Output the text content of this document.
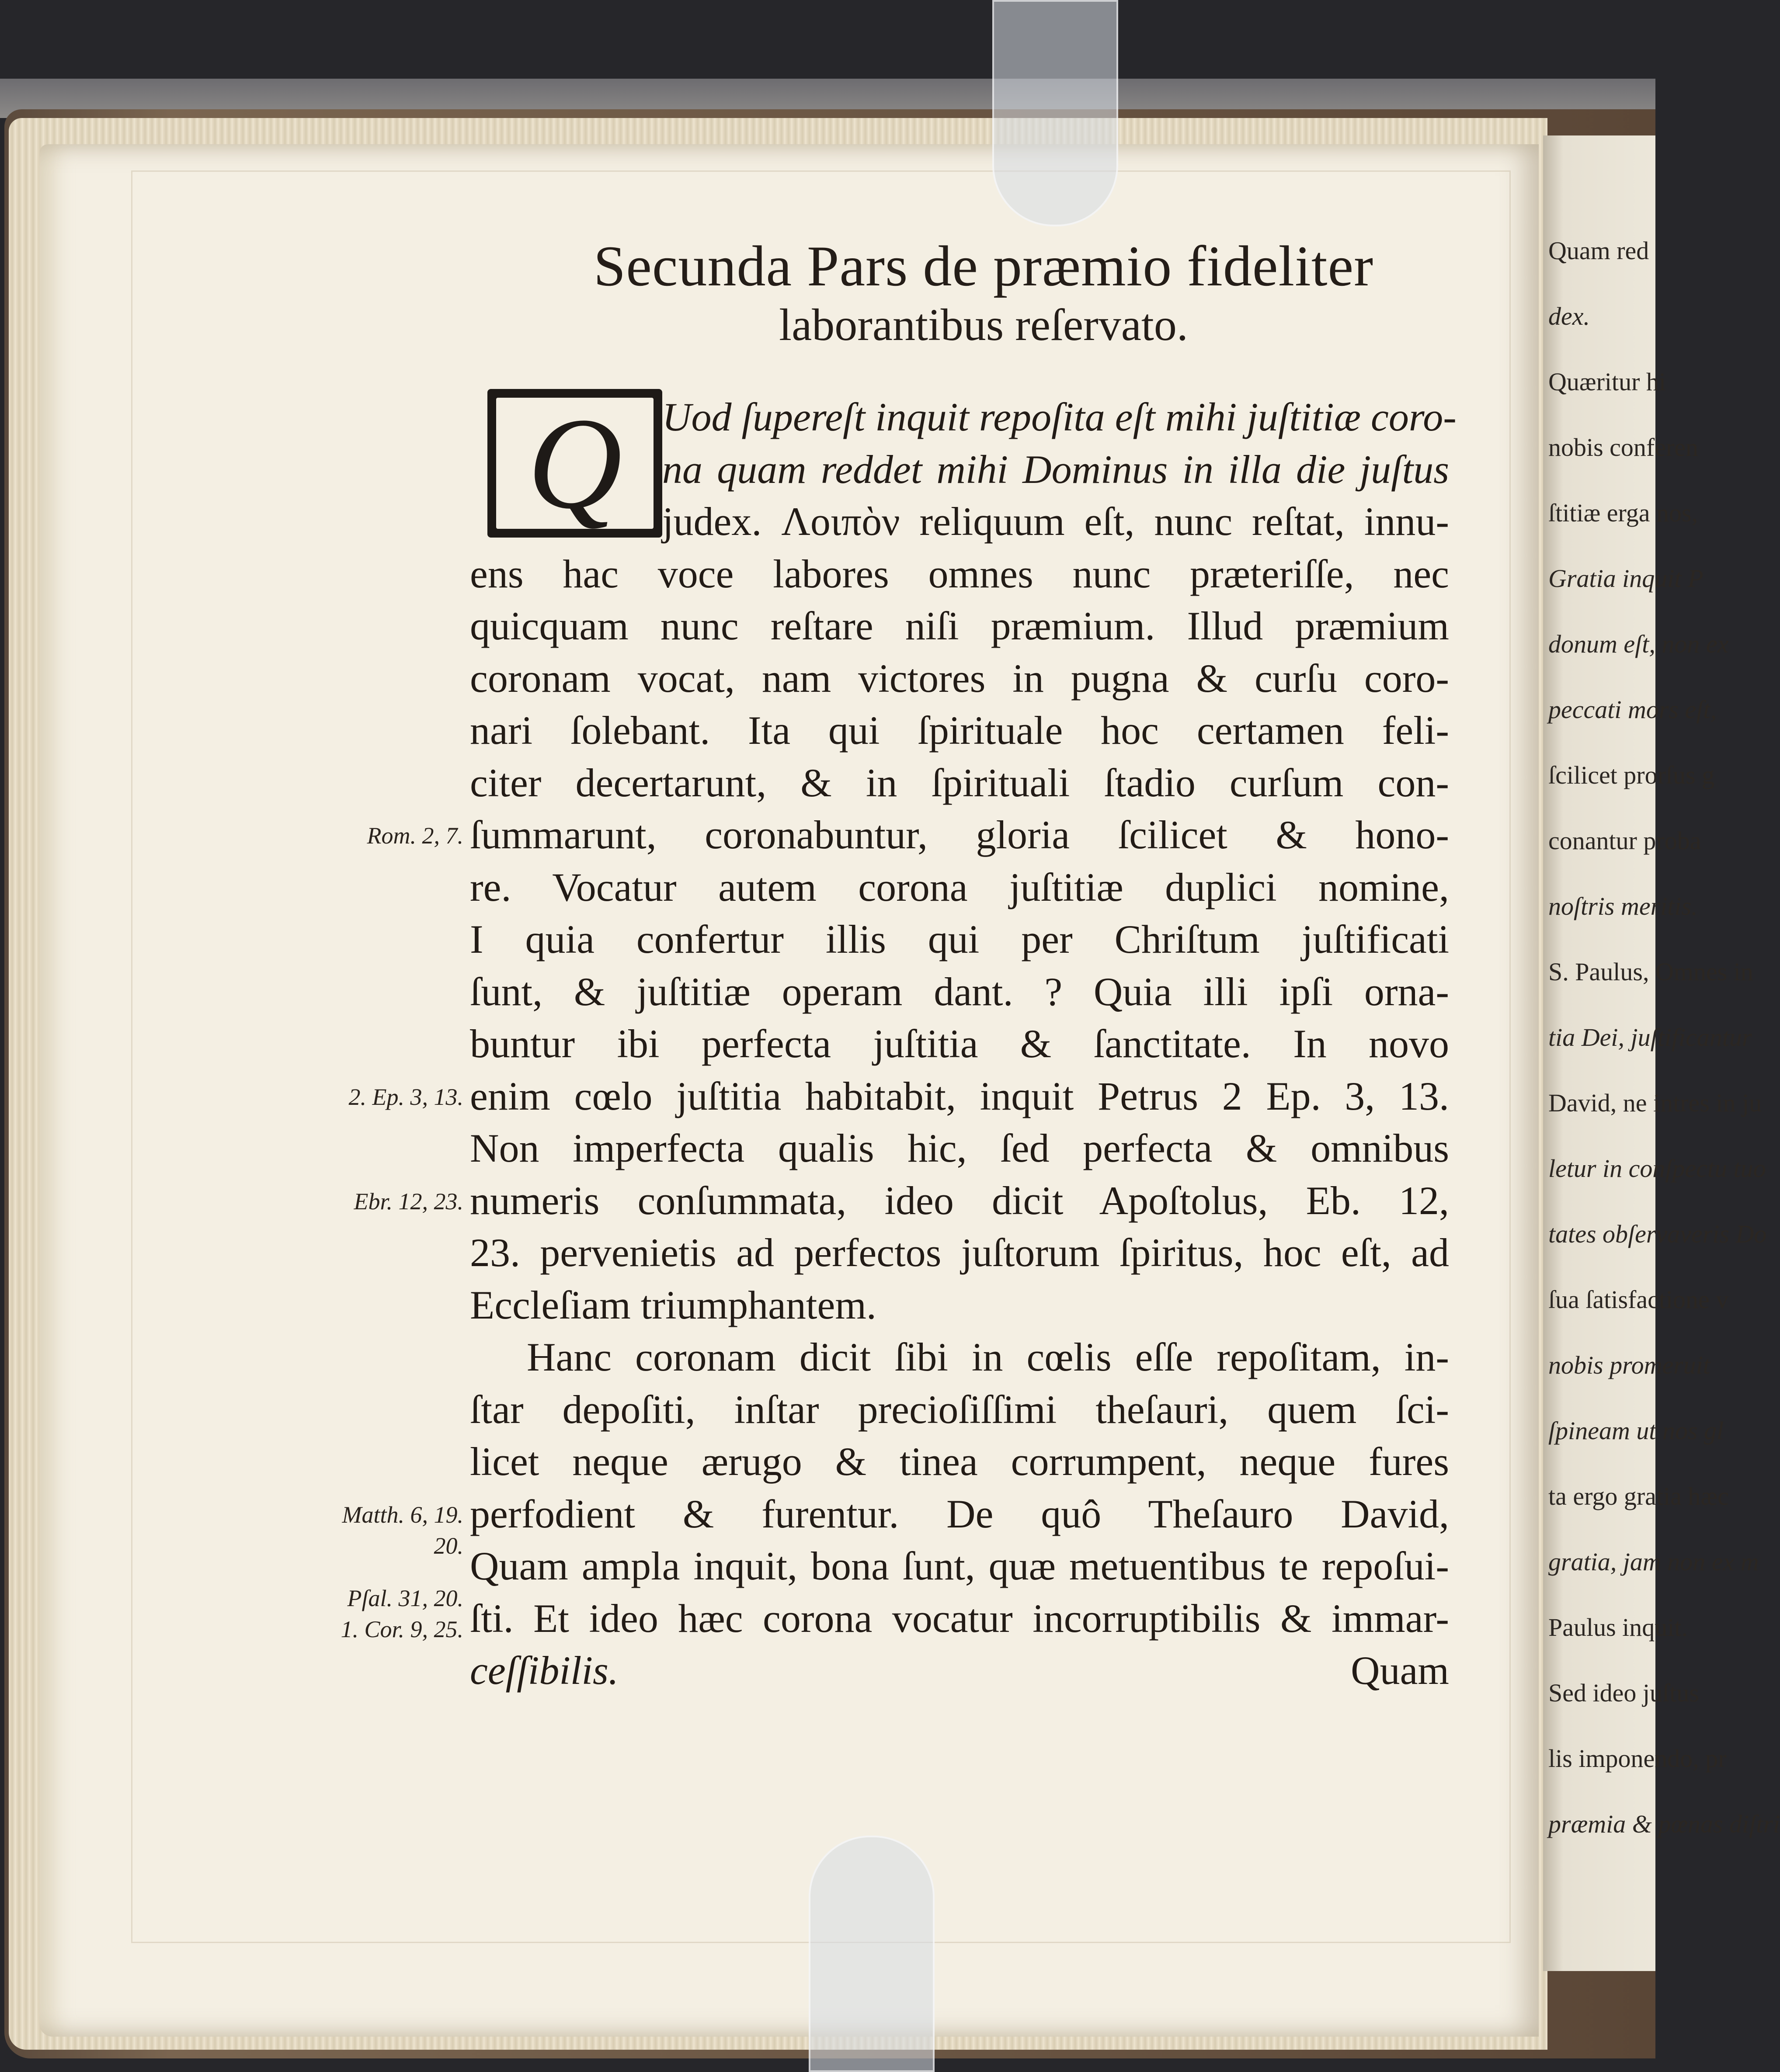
Quam red
dex.
Quæritur hi
nobis conferen
ſtitiæ erga nos,
Gratia inquit P
donum eſt, non ex
peccati mors eſt,
ſcilicet prorſus g
conantur proba
noſtris meritis.
S. Paulus, Omnes in
tia Dei, juſtificantur
David, ne intres in ju
letur in conſpectu tuo
tates obſervaveris Do
ſua ſatisfactione v
nobis promeruit
ſpineam ut nos gl
ta ergo gratia hæc
gratia, jam non ex m
Paulus inquit.
Sed ideo juſtus
lis imponendo, pr
præmia & pœnas diſtri
Secunda Pars de præmio fideliter
laborantibus reſervato.
Q Uod ſupereſt inquit repoſita eſt mihi juſtitiæ coro-
na quam reddet mihi Dominus in illa die juſtus
judex. Λοιπὸν reliquum eſt, nunc reſtat, innu-
ens hac voce labores omnes nunc præteriſſe, nec
quicquam nunc reſtare niſi præmium. Illud præmium
coronam vocat, nam victores in pugna & curſu coro-
nari ſolebant. Ita qui ſpirituale hoc certamen feli-
citer decertarunt, & in ſpirituali ſtadio curſum con-
ſummarunt, coronabuntur, gloria ſcilicet & hono-
re. Vocatur autem corona juſtitiæ duplici nomine,
I quia confertur illis qui per Chriſtum juſtificati
ſunt, & juſtitiæ operam dant. ? Quia illi ipſi orna-
buntur ibi perfecta juſtitia & ſanctitate. In novo
enim cœlo juſtitia habitabit, inquit Petrus 2 Ep. 3, 13.
Non imperfecta qualis hic, ſed perfecta & omnibus
numeris conſummata, ideo dicit Apoſtolus, Eb. 12,
23. pervenietis ad perfectos juſtorum ſpiritus, hoc eſt, ad
Eccleſiam triumphantem.
Hanc coronam dicit ſibi in cœlis eſſe repoſitam, in-
ſtar depoſiti, inſtar precioſiſſimi theſauri, quem ſci-
licet neque ærugo & tinea corrumpent, neque fures
perfodient & furentur. De quô Theſauro David,
Quam ampla inquit, bona ſunt, quæ metuentibus te repoſui-
ſti. Et ideo hæc corona vocatur incorruptibilis & immar-
ceſſibilis.	Quam
Rom. 2, 7.
2. Ep. 3, 13.
Ebr. 12, 23.
Matth. 6, 19.
20.
Pſal. 31, 20.
1. Cor. 9, 25.
